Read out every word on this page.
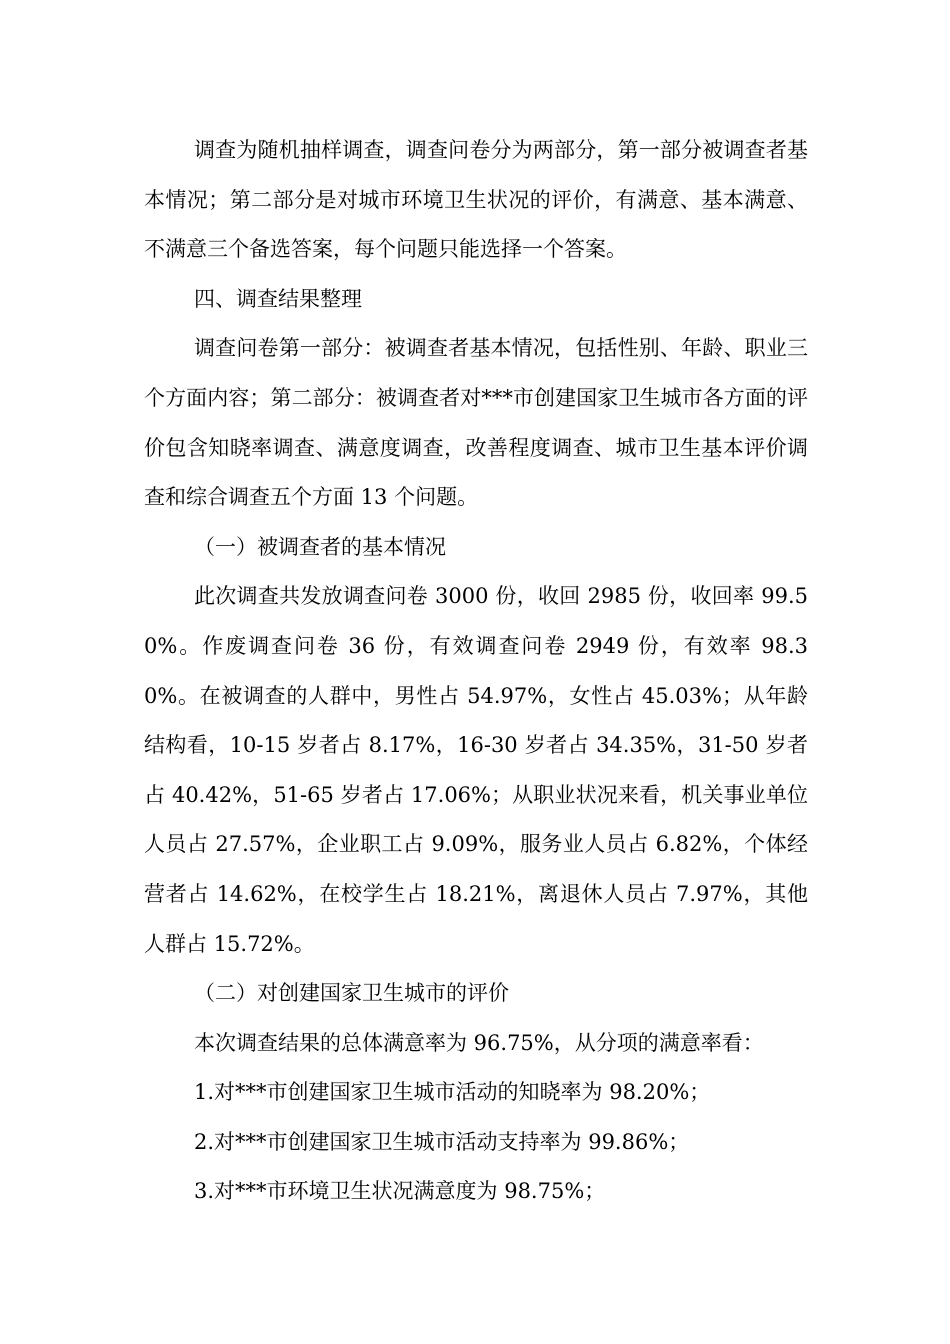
调查为随机抽样调查，调查问卷分为两部分，第一部分被调查者基本情况；第二部分是对城市环境卫生状况的评价，有满意、基本满意、不满意三个备选答案，每个问题只能选择一个答案。

四、调查结果整理

调查问卷第一部分：被调查者基本情况，包括性别、年龄、职业三个方面内容；第二部分：被调查者对***市创建国家卫生城市各方面的评价包含知晓率调查、满意度调查，改善程度调查、城市卫生基本评价调查和综合调查五个方面 13 个问题。

（一）被调查者的基本情况

此次调查共发放调查问卷 3000 份，收回 2985 份，收回率 99.50%。作废调查问卷 36 份，有效调查问卷 2949 份，有效率 98.30%。在被调查的人群中，男性占 54.97%，女性占 45.03%；从年龄结构看，10-15 岁者占 8.17%，16-30 岁者占 34.35%，31-50 岁者占 40.42%，51-65 岁者占 17.06%；从职业状况来看，机关事业单位人员占 27.57%，企业职工占 9.09%，服务业人员占 6.82%，个体经营者占 14.62%，在校学生占 18.21%，离退休人员占 7.97%，其他人群占 15.72%。

（二）对创建国家卫生城市的评价

本次调查结果的总体满意率为 96.75%，从分项的满意率看：

1.对***市创建国家卫生城市活动的知晓率为 98.20%；

2.对***市创建国家卫生城市活动支持率为 99.86%；

3.对***市环境卫生状况满意度为 98.75%；
